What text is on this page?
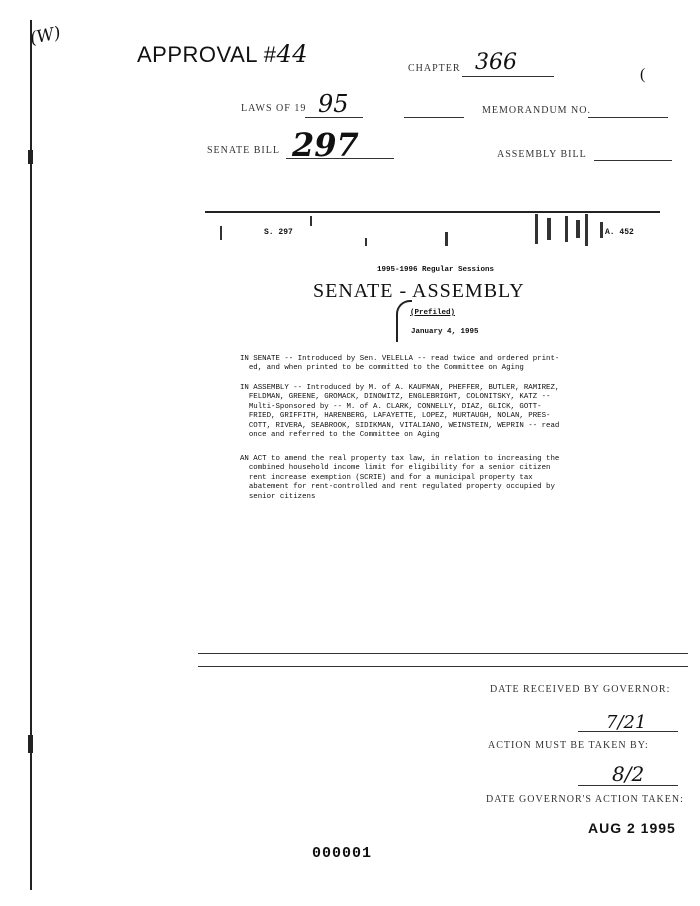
(W)
APPROVAL #44
CHAPTER 366	(
LAWS OF 19 95	MEMORANDUM NO.
SENATE BILL 297	ASSEMBLY BILL
S. 297	A. 452
1995-1996 Regular Sessions
SENATE - ASSEMBLY
(Prefiled)
January 4, 1995
IN SENATE -- Introduced by Sen. VELELLA -- read twice and ordered print-
ed, and when printed to be committed to the Committee on Aging
IN ASSEMBLY -- Introduced by M. of A. KAUFMAN, PHEFFER, BUTLER, RAMIREZ,
FELDMAN, GREENE, GROMACK, DINOWITZ, ENGLEBRIGHT, COLONITSKY, KATZ --
Multi-Sponsored by -- M. of A. CLARK, CONNELLY, DIAZ, GLICK, GOTT-
FRIED, GRIFFITH, HARENBERG, LAFAYETTE, LOPEZ, MURTAUGH, NOLAN, PRES-
COTT, RIVERA, SEABROOK, SIDIKMAN, VITALIANO, WEINSTEIN, WEPRIN -- read
once and referred to the Committee on Aging
AN ACT to amend the real property tax law, in relation to increasing the
combined household income limit for eligibility for a senior citizen
rent increase exemption (SCRIE) and for a municipal property tax
abatement for rent-controlled and rent regulated property occupied by
senior citizens
DATE RECEIVED BY GOVERNOR:
7/21
ACTION MUST BE TAKEN BY:
8/2
DATE GOVERNOR'S ACTION TAKEN:
AUG 2 1995
000001
